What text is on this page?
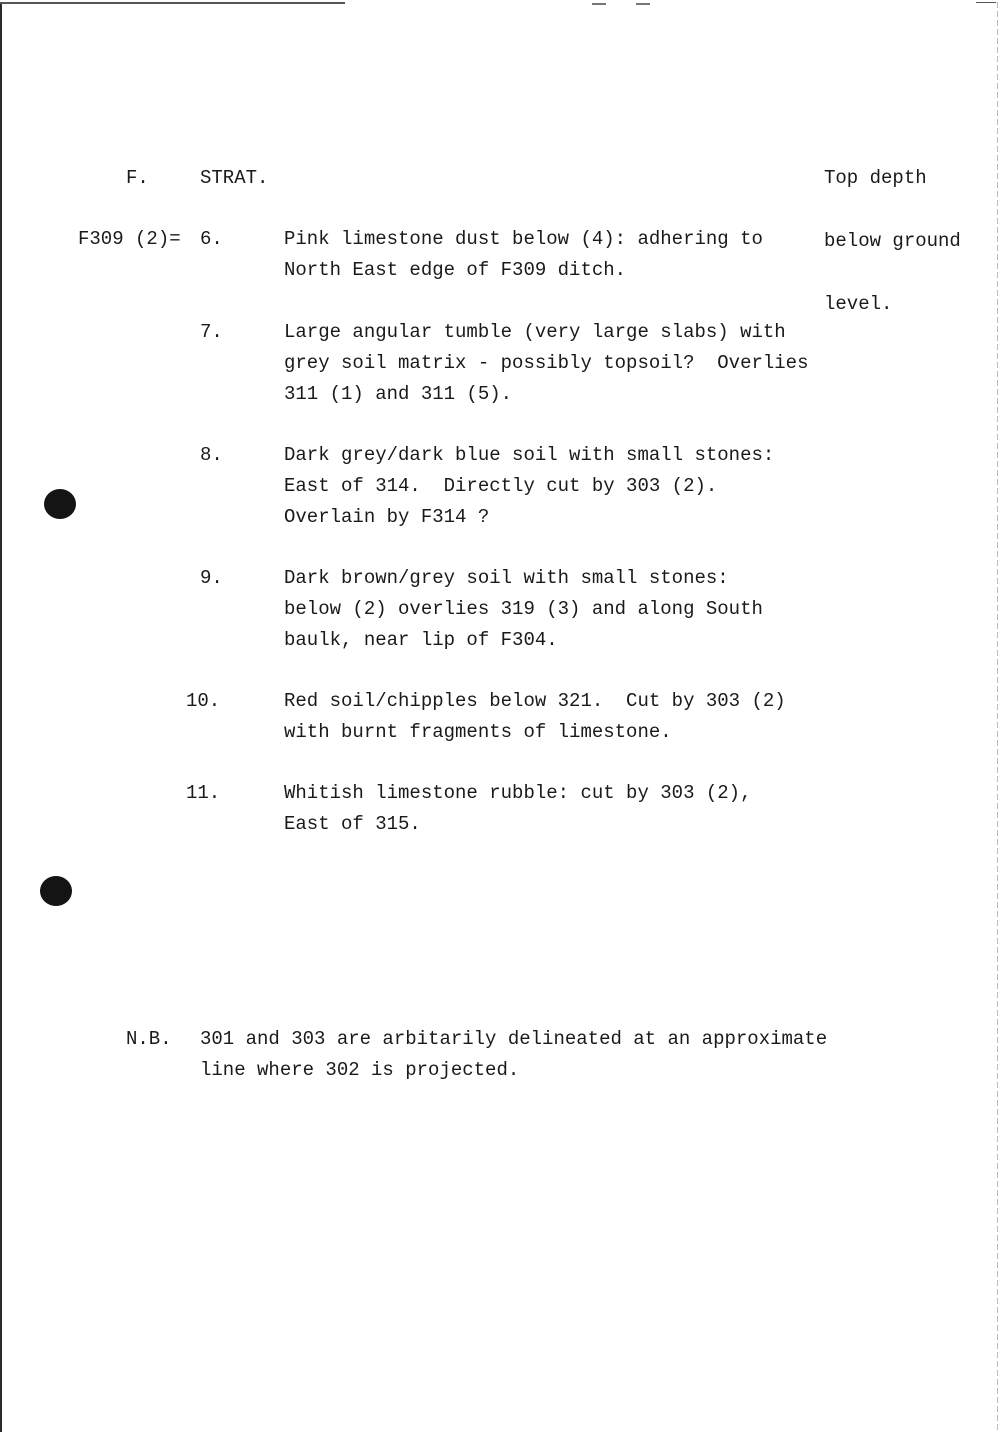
F.	STRAT.

	Top depth

below ground

level.

F309 (2)= 6.	Pink limestone dust below (4): adhering to
North East edge of F309 ditch.
7.	Large angular tumble (very large slabs) with
grey soil matrix - possibly topsoil?  Overlies
311 (1) and 311 (5).
8.	Dark grey/dark blue soil with small stones:
East of 314.  Directly cut by 303 (2).
Overlain by F314 ?
9.	Dark brown/grey soil with small stones:
below (2) overlies 319 (3) and along South
baulk, near lip of F304.
10.	Red soil/chipples below 321.  Cut by 303 (2)
with burnt fragments of limestone.
11.	Whitish limestone rubble: cut by 303 (2),
East of 315.
N.B. 301 and 303 are arbitarily delineated at an approximate
line where 302 is projected.
